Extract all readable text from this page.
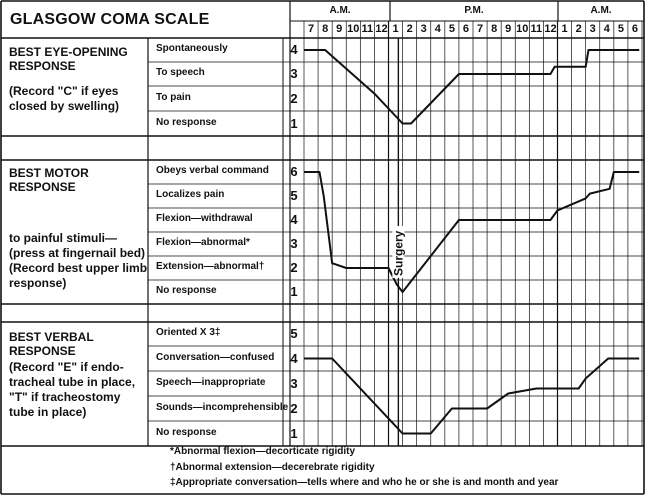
Surgery
GLASGOW COMA SCALE
A.M.	P.M.	A.M.
7 8 9 10 11 12 1 2 3 4 5 6 7 8 9 10 11 12 1 2 3 4 5 6
BEST EYE-OPENING RESPONSE
(Record "C" if eyes closed by swelling)
BEST MOTOR RESPONSE
to painful stimuli—(press at fingernail bed) (Record best upper limb response)
BEST VERBAL RESPONSE
(Record "E" if endo-tracheal tube in place, "T" if tracheostomy tube in place)
Spontaneously	4
To speech	3
To pain	2
No response	1
Obeys verbal command	6
Localizes pain	5
Flexion—withdrawal	4
Flexion—abnormal*	3
Extension—abnormal†	2
No response	1
Oriented X 3‡	5
Conversation—confused	4
Speech—inappropriate	3
Sounds—incomprehensible 2
No response	1
*Abnormal flexion—decorticate rigidity
†Abnormal extension—decerebrate rigidity
‡Appropriate conversation—tells where and who he or she is and month and year
